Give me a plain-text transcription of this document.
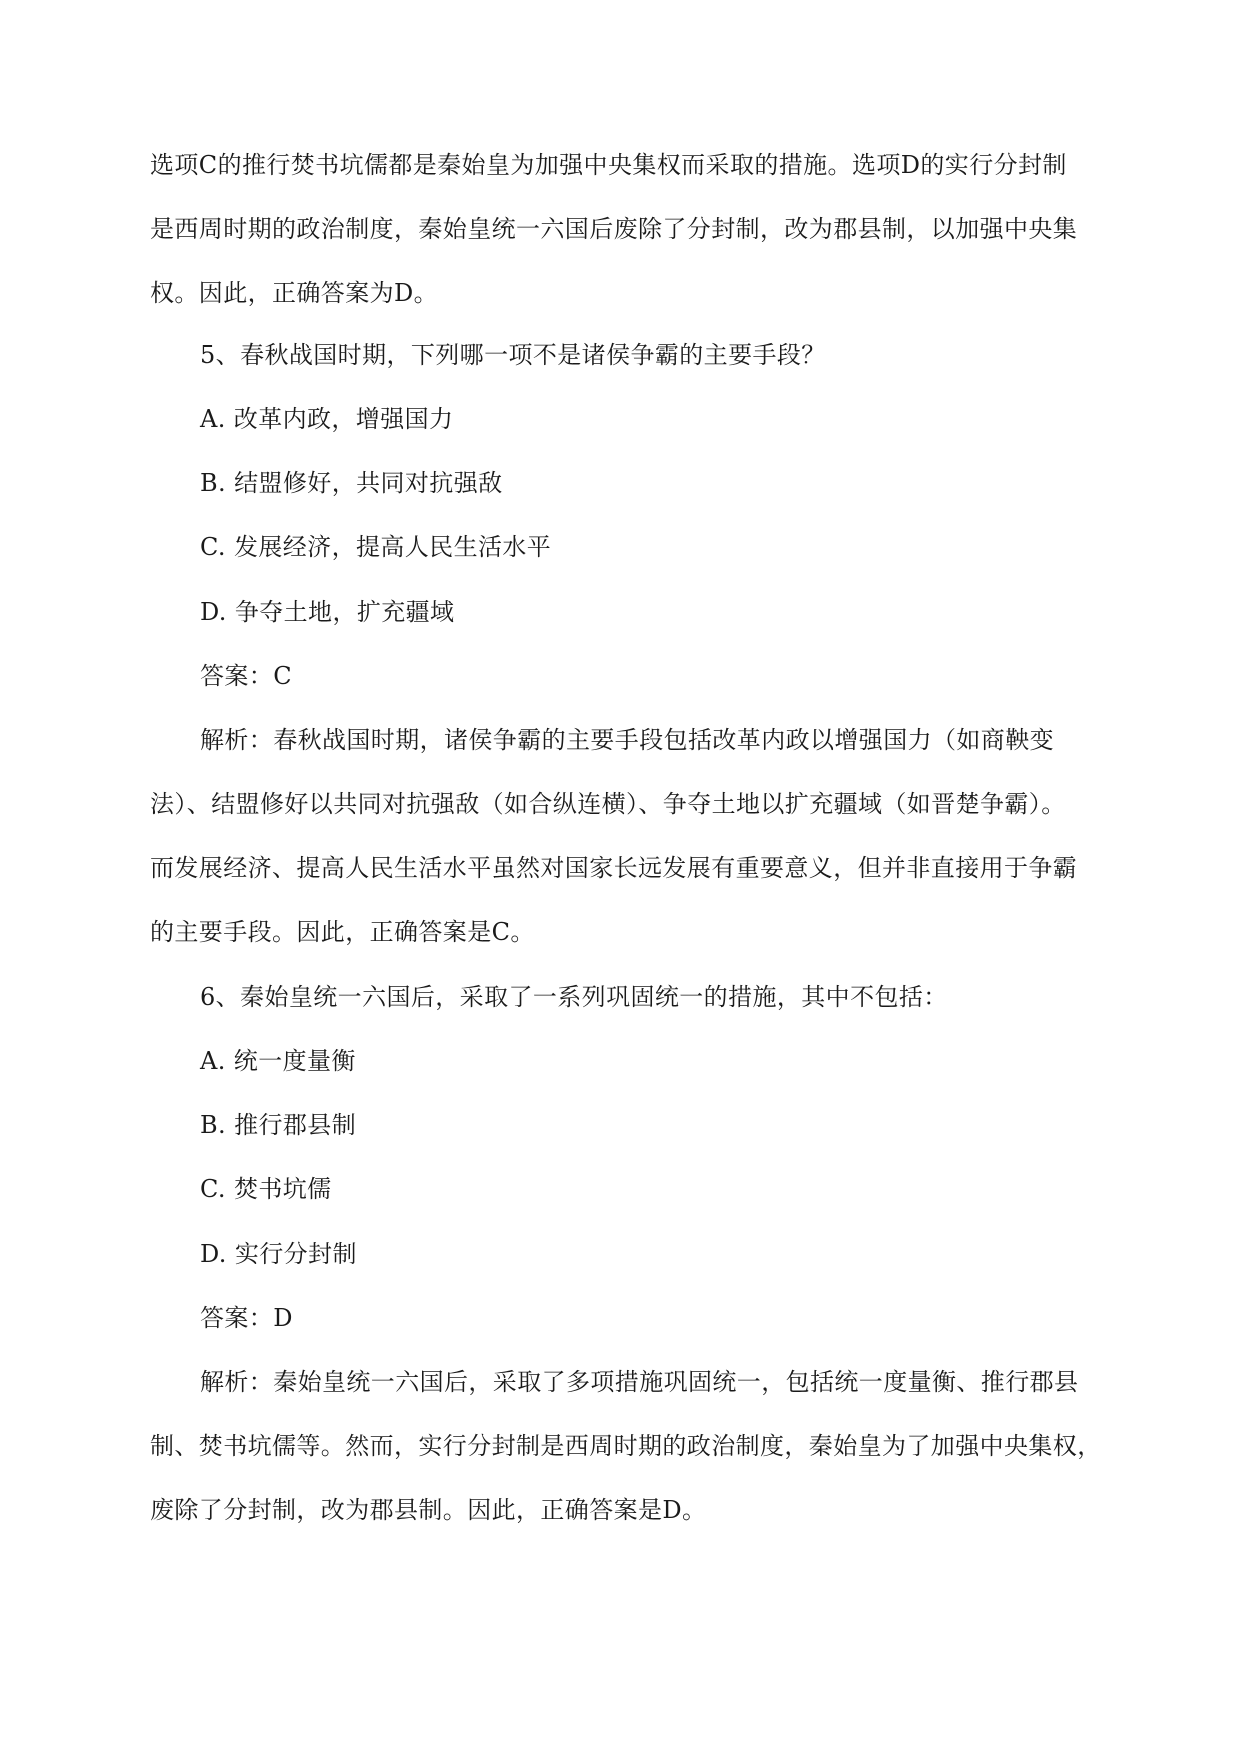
选项C的推行焚书坑儒都是秦始皇为加强中央集权而采取的措施。选项D的实行分封制
是西周时期的政治制度，秦始皇统一六国后废除了分封制，改为郡县制，以加强中央集
权。因此，正确答案为D。
5、春秋战国时期，下列哪一项不是诸侯争霸的主要手段？
A. 改革内政，增强国力
B. 结盟修好，共同对抗强敌
C. 发展经济，提高人民生活水平
D. 争夺土地，扩充疆域
答案：C
解析：春秋战国时期，诸侯争霸的主要手段包括改革内政以增强国力（如商鞅变
法）、结盟修好以共同对抗强敌（如合纵连横）、争夺土地以扩充疆域（如晋楚争霸）。
而发展经济、提高人民生活水平虽然对国家长远发展有重要意义，但并非直接用于争霸
的主要手段。因此，正确答案是C。
6、秦始皇统一六国后，采取了一系列巩固统一的措施，其中不包括：
A. 统一度量衡
B. 推行郡县制
C. 焚书坑儒
D. 实行分封制
答案：D
解析：秦始皇统一六国后，采取了多项措施巩固统一，包括统一度量衡、推行郡县
制、焚书坑儒等。然而，实行分封制是西周时期的政治制度，秦始皇为了加强中央集权，
废除了分封制，改为郡县制。因此，正确答案是D。
